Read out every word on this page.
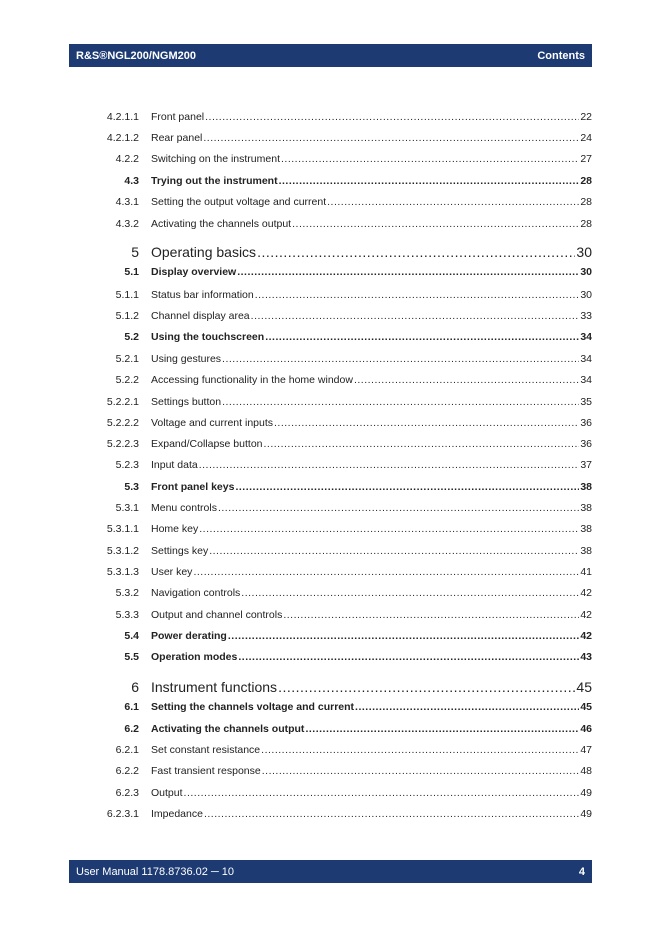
R&S®NGL200/NGM200	Contents
4.2.1.1	Front panel .....	22
4.2.1.2	Rear panel .....	24
4.2.2	Switching on the instrument .....	27
4.3	Trying out the instrument .....	28
4.3.1	Setting the output voltage and current .....	28
4.3.2	Activating the channels output .....	28
5 Operating basics .....	30
5.1	Display overview .....	30
5.1.1	Status bar information .....	30
5.1.2	Channel display area .....	33
5.2	Using the touchscreen .....	34
5.2.1	Using gestures .....	34
5.2.2	Accessing functionality in the home window .....	34
5.2.2.1	Settings button .....	35
5.2.2.2	Voltage and current inputs .....	36
5.2.2.3	Expand/Collapse button .....	36
5.2.3	Input data .....	37
5.3	Front panel keys .....	38
5.3.1	Menu controls .....	38
5.3.1.1	Home key .....	38
5.3.1.2	Settings key .....	38
5.3.1.3	User key .....	41
5.3.2	Navigation controls .....	42
5.3.3	Output and channel controls .....	42
5.4	Power derating .....	42
5.5	Operation modes .....	43
6 Instrument functions .....	45
6.1	Setting the channels voltage and current .....	45
6.2	Activating the channels output .....	46
6.2.1	Set constant resistance .....	47
6.2.2	Fast transient response .....	48
6.2.3	Output .....	49
6.2.3.1	Impedance .....	49
User Manual 1178.8736.02 ─ 10	4
